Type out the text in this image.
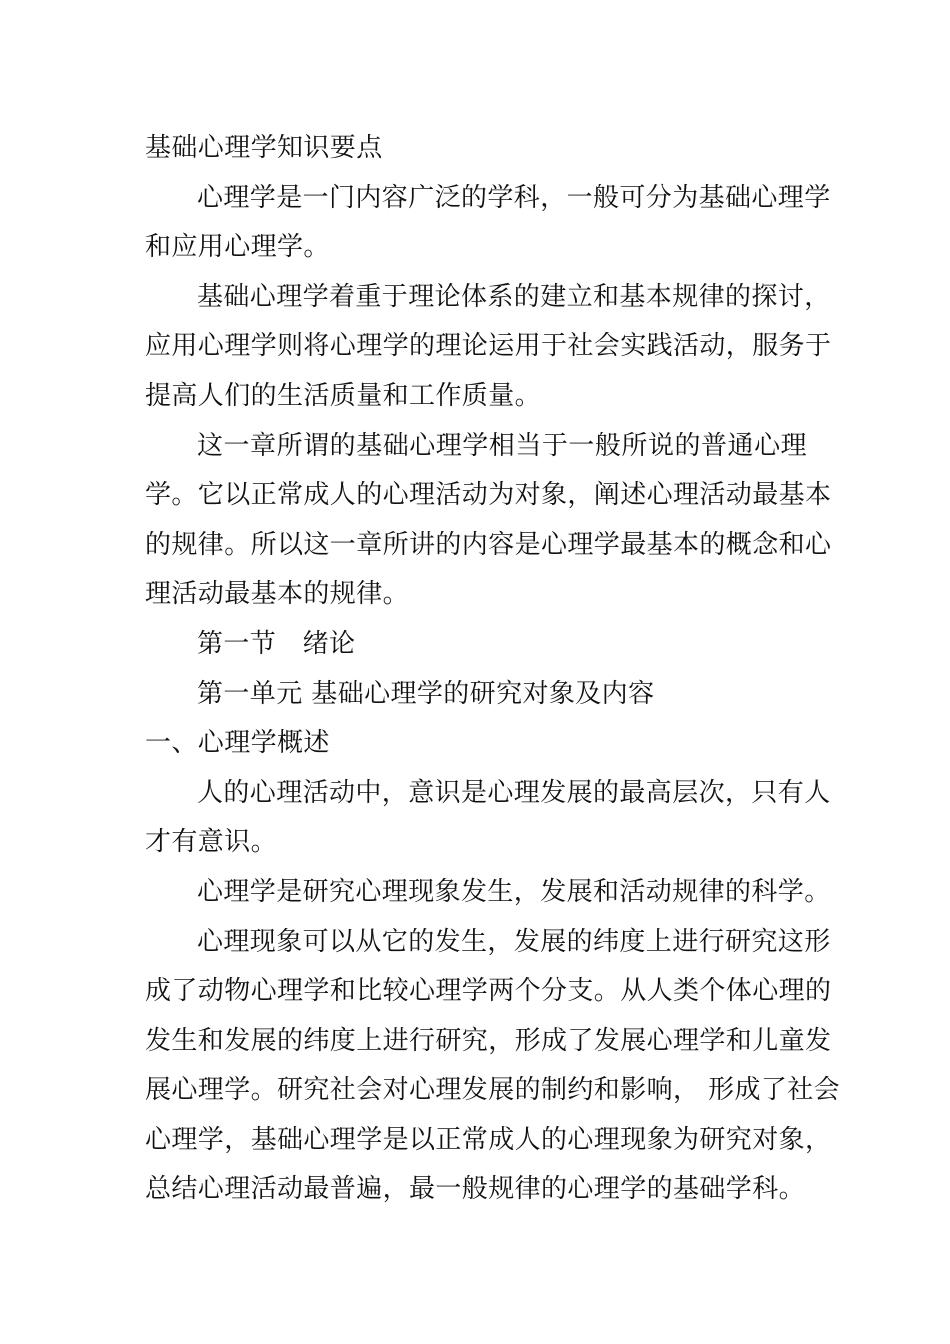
基础心理学知识要点
心理学是一门内容广泛的学科，一般可分为基础心理学
和应用心理学。
基础心理学着重于理论体系的建立和基本规律的探讨，
应用心理学则将心理学的理论运用于社会实践活动，服务于
提高人们的生活质量和工作质量。
这一章所谓的基础心理学相当于一般所说的普通心理
学。它以正常成人的心理活动为对象，阐述心理活动最基本
的规律。所以这一章所讲的内容是心理学最基本的概念和心
理活动最基本的规律。
第一节　绪论
第一单元 基础心理学的研究对象及内容
一、心理学概述
人的心理活动中，意识是心理发展的最高层次，只有人
才有意识。
心理学是研究心理现象发生，发展和活动规律的科学。
心理现象可以从它的发生，发展的纬度上进行研究这形
成了动物心理学和比较心理学两个分支。从人类个体心理的
发生和发展的纬度上进行研究，形成了发展心理学和儿童发
展心理学。研究社会对心理发展的制约和影响， 形成了社会
心理学，基础心理学是以正常成人的心理现象为研究对象，
总结心理活动最普遍，最一般规律的心理学的基础学科。
